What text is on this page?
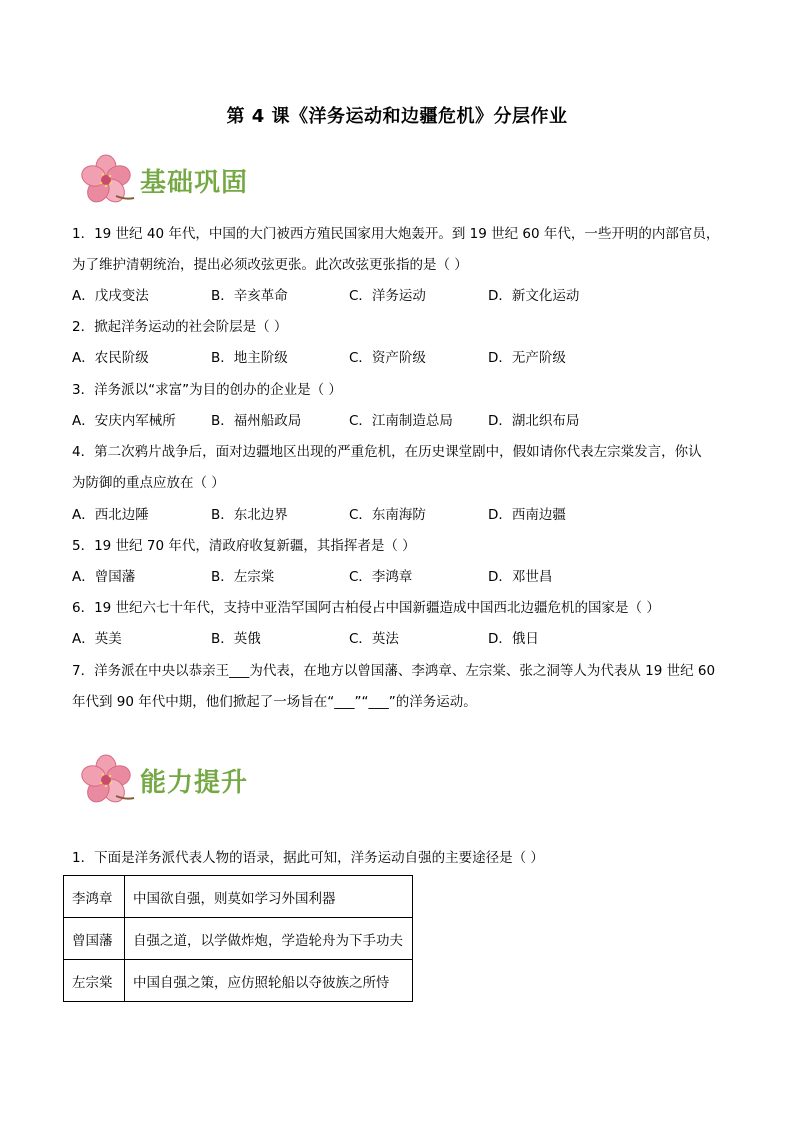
第 4 课《洋务运动和边疆危机》分层作业
基础巩固
1．19 世纪 40 年代，中国的大门被西方殖民国家用大炮轰开。到 19 世纪 60 年代，一些开明的内部官员，
为了维护清朝统治，提出必须改弦更张。此次改弦更张指的是（ ）
A．戊戌变法	B．辛亥革命	C．洋务运动	D．新文化运动
2．掀起洋务运动的社会阶层是（ ）
A．农民阶级	B．地主阶级	C．资产阶级	D．无产阶级
3．洋务派以“求富”为目的创办的企业是（ ）
A．安庆内军械所	B．福州船政局	C．江南制造总局	D．湖北织布局
4．第二次鸦片战争后，面对边疆地区出现的严重危机，在历史课堂剧中，假如请你代表左宗棠发言，你认
为防御的重点应放在（ ）
A．西北边陲	B．东北边界	C．东南海防	D．西南边疆
5．19 世纪 70 年代，清政府收复新疆，其指挥者是（ ）
A．曾国藩	B．左宗棠	C．李鸿章	D．邓世昌
6．19 世纪六七十年代，支持中亚浩罕国阿古柏侵占中国新疆造成中国西北边疆危机的国家是（ ）
A．英美	B．英俄	C．英法	D．俄日
7．洋务派在中央以恭亲王___为代表，在地方以曾国藩、李鸿章、左宗棠、张之洞等人为代表从 19 世纪 60
年代到 90 年代中期，他们掀起了一场旨在“___”“___”的洋务运动。
能力提升
1．下面是洋务派代表人物的语录，据此可知，洋务运动自强的主要途径是（ ）
李鸿章	中国欲自强，则莫如学习外国利器
曾国藩	自强之道，以学做炸炮，学造轮舟为下手功夫
左宗棠	中国自强之策，应仿照轮船以夺彼族之所恃
